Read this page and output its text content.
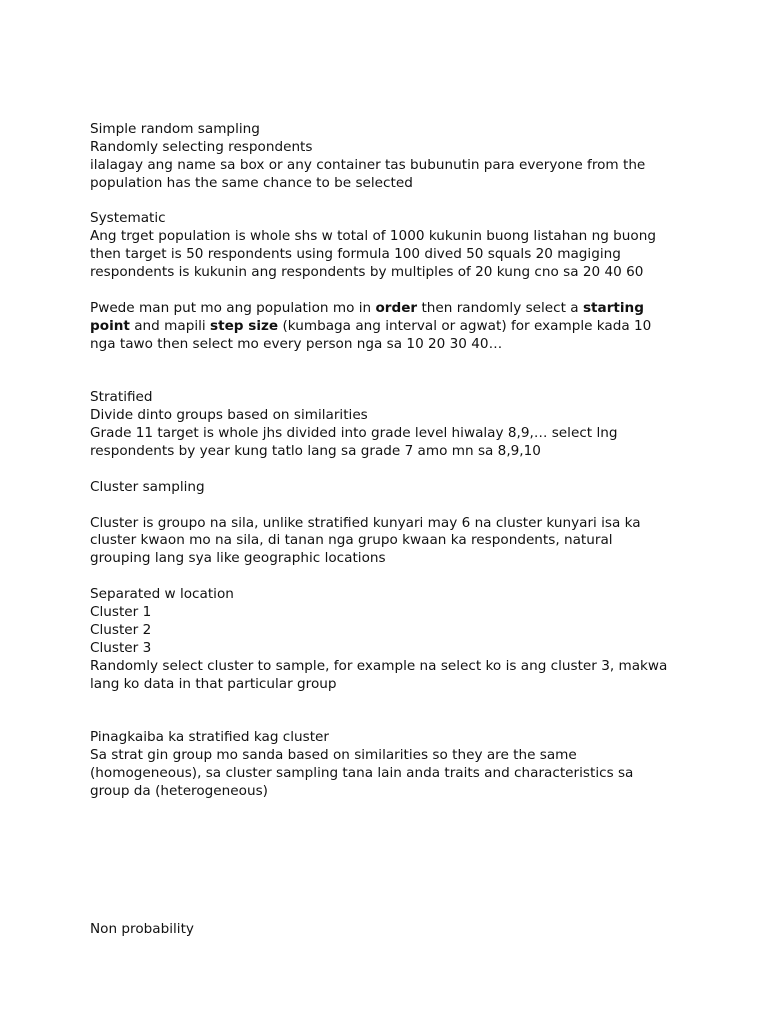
Simple random sampling
Randomly selecting respondents
ilalagay ang name sa box or any container tas bubunutin para everyone from the
population has the same chance to be selected
Systematic
Ang trget population is whole shs w total of 1000 kukunin buong listahan ng buong
then target is 50 respondents using formula 100 dived 50 squals 20 magiging
respondents is kukunin ang respondents by multiples of 20 kung cno sa 20 40 60
Pwede man put mo ang population mo in order then randomly select a starting
point and mapili step size (kumbaga ang interval or agwat) for example kada 10
nga tawo then select mo every person nga sa 10 20 30 40…
Stratified
Divide dinto groups based on similarities
Grade 11 target is whole jhs divided into grade level hiwalay 8,9,… select lng
respondents by year kung tatlo lang sa grade 7 amo mn sa 8,9,10
Cluster sampling
Cluster is groupo na sila, unlike stratified kunyari may 6 na cluster kunyari isa ka
cluster kwaon mo na sila, di tanan nga grupo kwaan ka respondents, natural
grouping lang sya like geographic locations
Separated w location
Cluster 1
Cluster 2
Cluster 3
Randomly select cluster to sample, for example na select ko is ang cluster 3, makwa
lang ko data in that particular group
Pinagkaiba ka stratified kag cluster
Sa strat gin group mo sanda based on similarities so they are the same
(homogeneous), sa cluster sampling tana lain anda traits and characteristics sa
group da (heterogeneous)
Non probability
